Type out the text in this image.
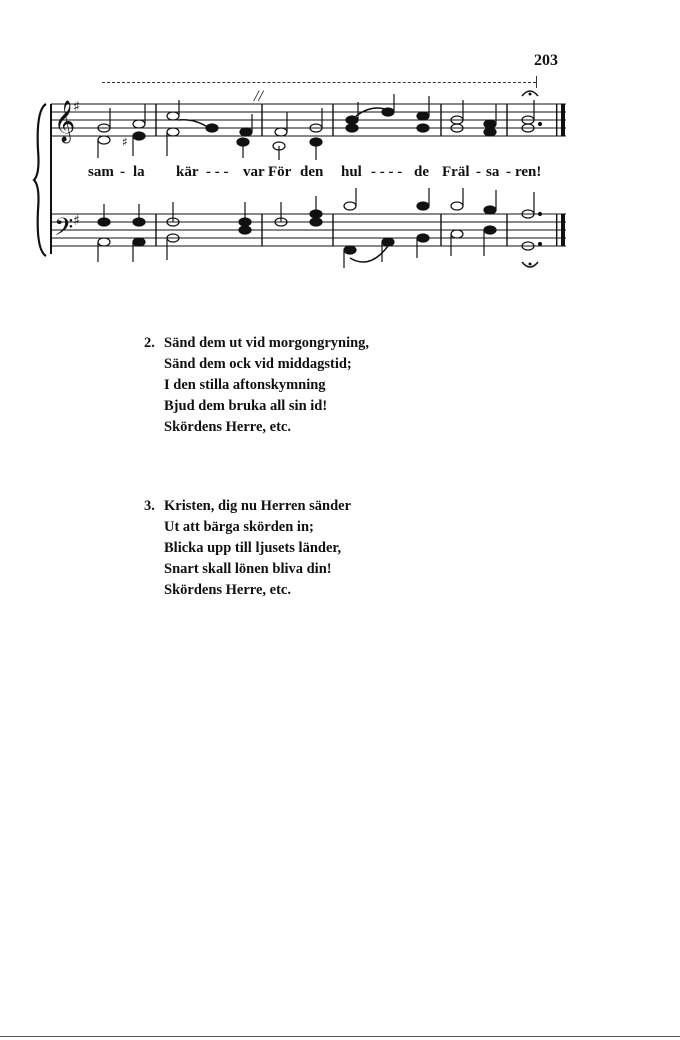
203
𝄞
♯
𝄢 ♯
//
♯
sam - la kär - - - var För den hul - - - - de Fräl - sa - ren!
2. Sänd dem ut vid morgongryning,
Sänd dem ock vid middagstid;
I den stilla aftonskymning
Bjud dem bruka all sin id!
Skördens Herre, etc.
3. Kristen, dig nu Herren sänder
Ut att bärga skörden in;
Blicka upp till ljusets länder,
Snart skall lönen bliva din!
Skördens Herre, etc.
